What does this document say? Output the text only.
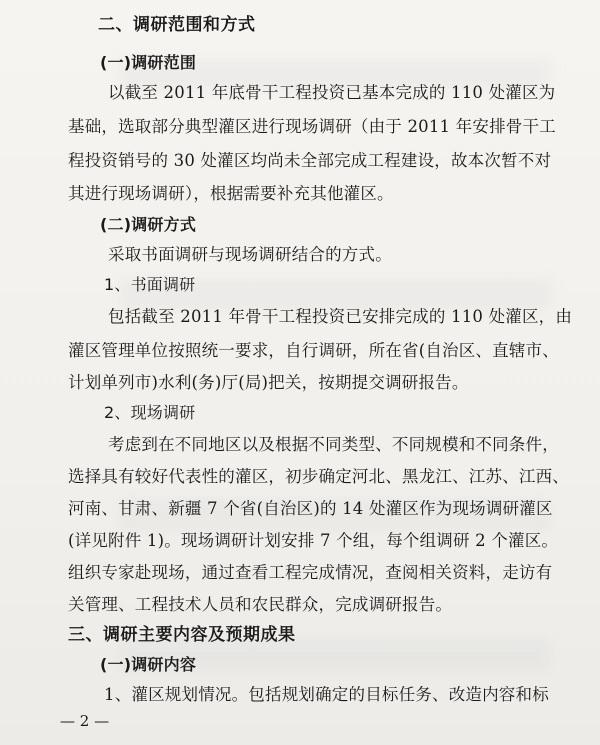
二、调研范围和方式
(一)调研范围
以截至 2011 年底骨干工程投资已基本完成的 110 处灌区为
基础，选取部分典型灌区进行现场调研（由于 2011 年安排骨干工
程投资销号的 30 处灌区均尚未全部完成工程建设，故本次暂不对
其进行现场调研），根据需要补充其他灌区。
(二)调研方式
采取书面调研与现场调研结合的方式。
1、书面调研
包括截至 2011 年骨干工程投资已安排完成的 110 处灌区，由
灌区管理单位按照统一要求，自行调研，所在省(自治区、直辖市、
计划单列市)水利(务)厅(局)把关，按期提交调研报告。
2、现场调研
考虑到在不同地区以及根据不同类型、不同规模和不同条件，
选择具有较好代表性的灌区，初步确定河北、黑龙江、江苏、江西、
河南、甘肃、新疆 7 个省(自治区)的 14 处灌区作为现场调研灌区
(详见附件 1)。现场调研计划安排 7 个组，每个组调研 2 个灌区。
组织专家赴现场，通过查看工程完成情况，查阅相关资料，走访有
关管理、工程技术人员和农民群众，完成调研报告。
三、调研主要内容及预期成果
(一)调研内容
1、灌区规划情况。包括规划确定的目标任务、改造内容和标
— 2 —
